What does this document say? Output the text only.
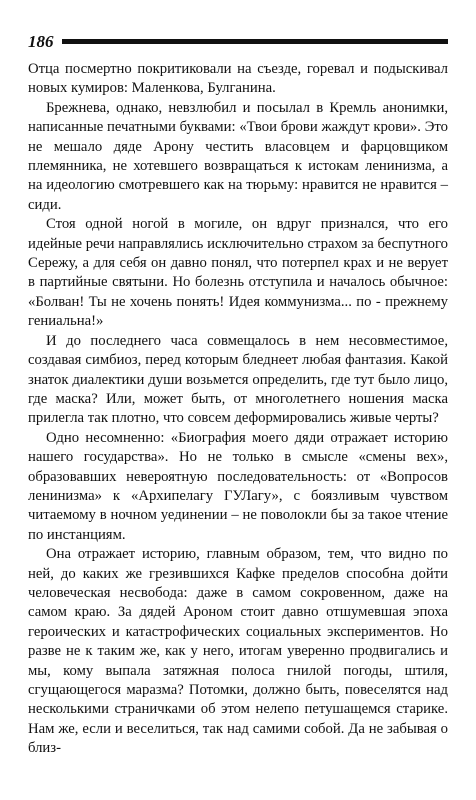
186

Отца посмертно покритиковали на съезде, горевал и подыскивал новых кумиров: Маленкова, Булганина.

Брежнева, однако, невзлюбил и посылал в Кремль анонимки, написанные печатными буквами: «Твои брови жаждут крови». Это не мешало дяде Арону честить власовцем и фарцовщиком племянника, не хотевшего возвращаться к истокам ленинизма, а на идеологию смотревшего как на тюрьму: нравится не нравится – сиди.

Стоя одной ногой в могиле, он вдруг признался, что его идейные речи направлялись исключительно страхом за беспутного Сережу, а для себя он давно понял, что потерпел крах и не верует в партийные святыни. Но болезнь отступила и началось обычное: «Болван! Ты не хочень понять! Идея коммунизма... по - прежнему гениальна!»

И до последнего часа совмещалось в нем несовместимое, создавая симбиоз, перед которым бледнеет любая фантазия. Какой знаток диалектики души возьмется определить, где тут было лицо, где маска? Или, может быть, от многолетнего ношения маска прилегла так плотно, что совсем деформировались живые черты?

Одно несомненно: «Биография моего дяди отражает историю нашего государства». Но не только в смысле «смены вех», образовавших невероятную последовательность: от «Вопросов ленинизма» к «Архипелагу ГУЛагу», с боязливым чувством читаемому в ночном уединении – не поволокли бы за такое чтение по инстанциям.

Она отражает историю, главным образом, тем, что видно по ней, до каких же грезившихся Кафке пределов способна дойти человеческая несвобода: даже в самом сокровенном, даже на самом краю. За дядей Ароном стоит давно отшумевшая эпоха героических и катастрофических социальных экспериментов. Но разве не к таким же, как у него, итогам уверенно продвигались и мы, кому выпала затяжная полоса гнилой погоды, штиля, сгущающегося маразма? Потомки, должно быть, повеселятся над несколькими страничками об этом нелепо петушащемся старике. Нам же, если и веселиться, так над самими собой. Да не забывая о близ-
